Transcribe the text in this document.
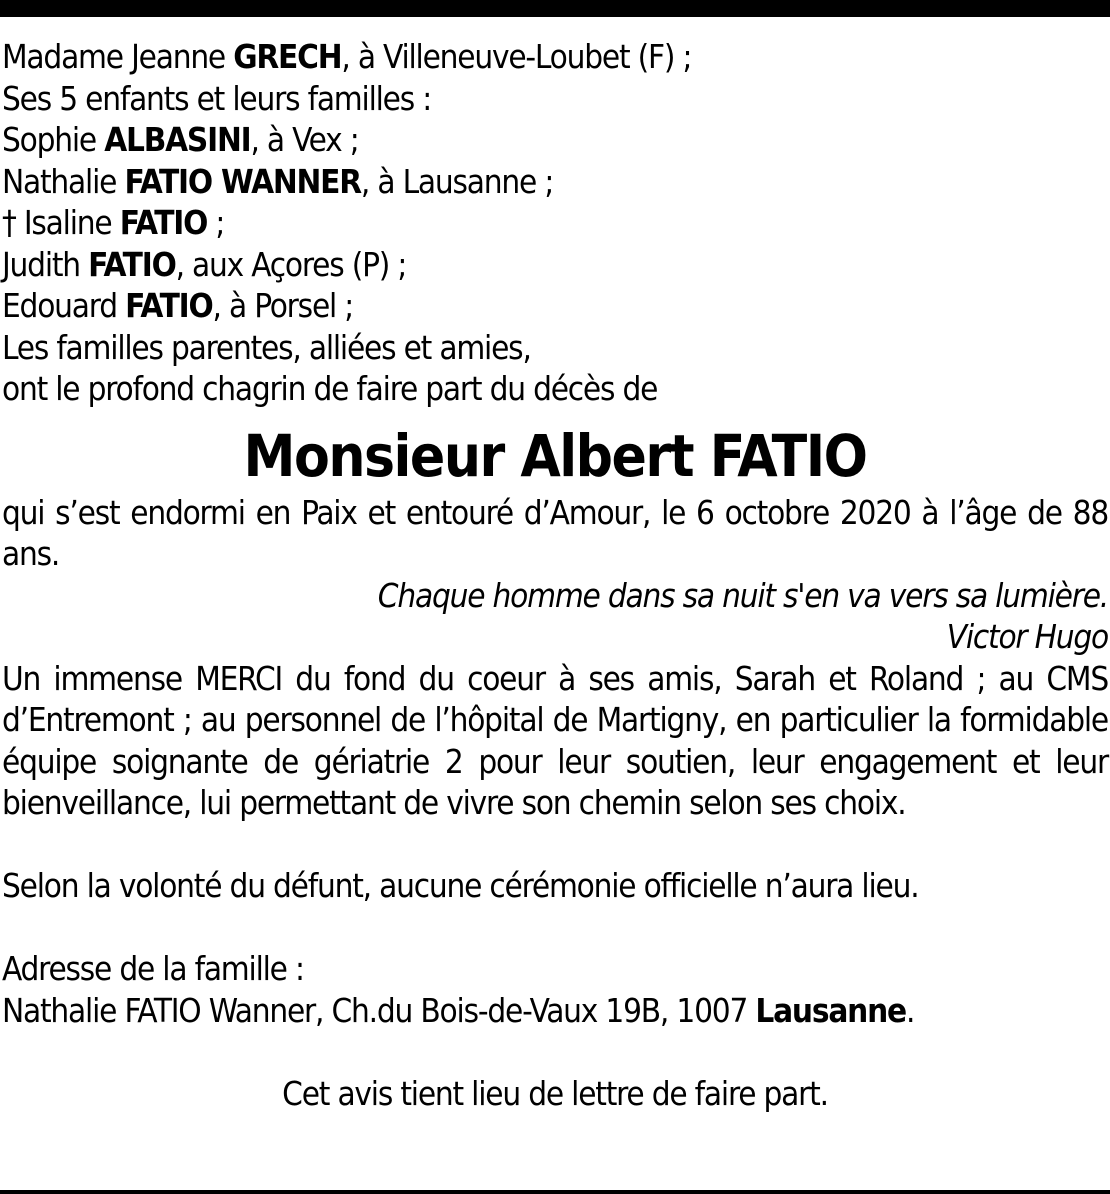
Madame Jeanne GRECH, à Villeneuve-Loubet (F) ;
Ses 5 enfants et leurs familles :
Sophie ALBASINI, à Vex ;
Nathalie FATIO WANNER, à Lausanne ;
† Isaline FATIO ;
Judith FATIO, aux Açores (P) ;
Edouard FATIO, à Porsel ;
Les familles parentes, alliées et amies,
ont le profond chagrin de faire part du décès de
Monsieur Albert FATIO

qui s’est endormi en Paix et entouré d’Amour, le 6 octobre 2020 à l’âge de 88 ans.

Chaque homme dans sa nuit s'en va vers sa lumière.
Victor Hugo

Un immense MERCI du fond du coeur à ses amis, Sarah et Roland ; au CMS d’Entremont ; au personnel de l’hôpital de Martigny, en particulier la formidable équipe soignante de gériatrie 2 pour leur soutien, leur engagement et leur bienveillance, lui permettant de vivre son chemin selon ses choix.

Selon la volonté du défunt, aucune cérémonie officielle n’aura lieu.
Adresse de la famille :
Nathalie FATIO Wanner, Ch.du Bois-de-Vaux 19B, 1007 Lausanne.
Cet avis tient lieu de lettre de faire part.
